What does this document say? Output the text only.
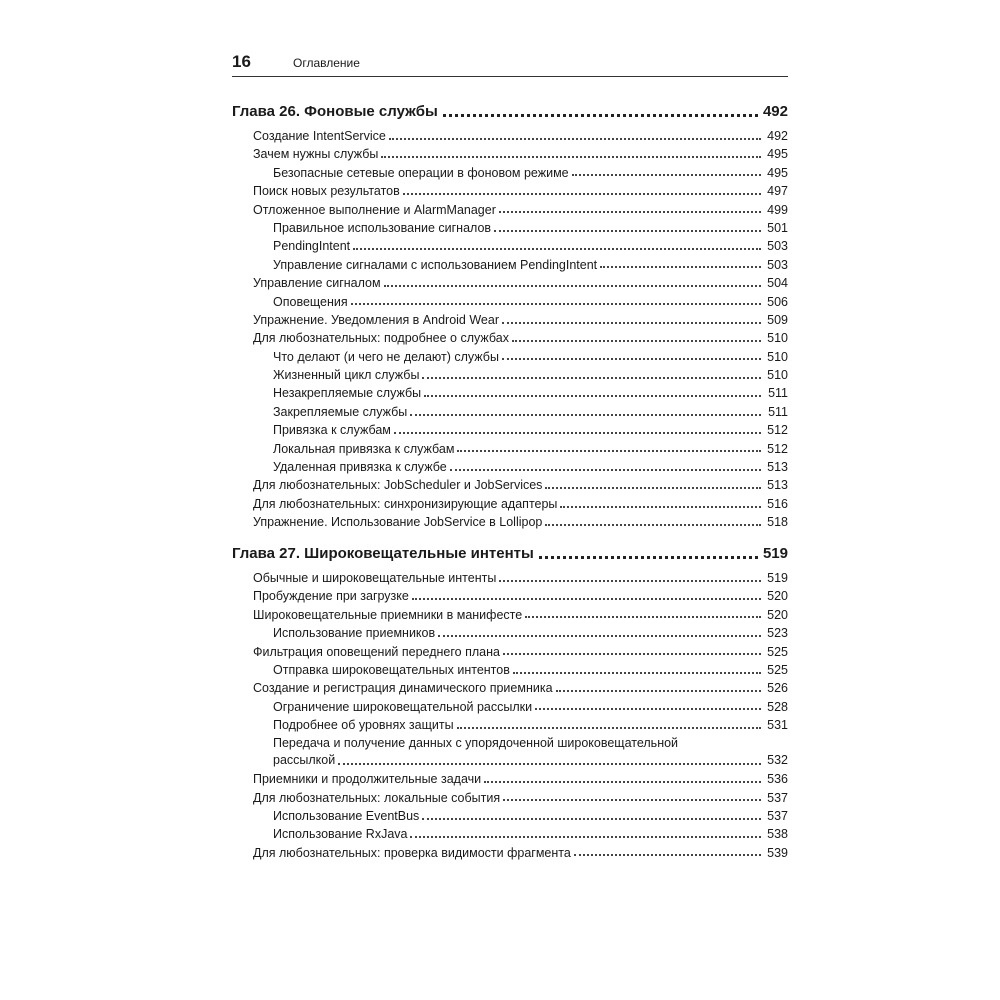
16	Оглавление
Глава 26. Фоновые службы	492
Создание IntentService	492
Зачем нужны службы	495
Безопасные сетевые операции в фоновом режиме	495
Поиск новых результатов	497
Отложенное выполнение и AlarmManager	499
Правильное использование сигналов	501
PendingIntent	503
Управление сигналами с использованием PendingIntent	503
Управление сигналом	504
Оповещения	506
Упражнение. Уведомления в Android Wear	509
Для любознательных: подробнее о службах	510
Что делают (и чего не делают) службы	510
Жизненный цикл службы	510
Незакрепляемые службы	511
Закрепляемые службы	511
Привязка к службам	512
Локальная привязка к службам	512
Удаленная привязка к службе	513
Для любознательных: JobScheduler и JobServices	513
Для любознательных: синхронизирующие адаптеры	516
Упражнение. Использование JobService в Lollipop	518
Глава 27. Широковещательные интенты	519
Обычные и широковещательные интенты	519
Пробуждение при загрузке	520
Широковещательные приемники в манифесте	520
Использование приемников	523
Фильтрация оповещений переднего плана	525
Отправка широковещательных интентов	525
Создание и регистрация динамического приемника	526
Ограничение широковещательной рассылки	528
Подробнее об уровнях защиты	531
Передача и получение данных с упорядоченной широковещательной
рассылкой	532
Приемники и продолжительные задачи	536
Для любознательных: локальные события	537
Использование EventBus	537
Использование RxJava	538
Для любознательных: проверка видимости фрагмента	539
